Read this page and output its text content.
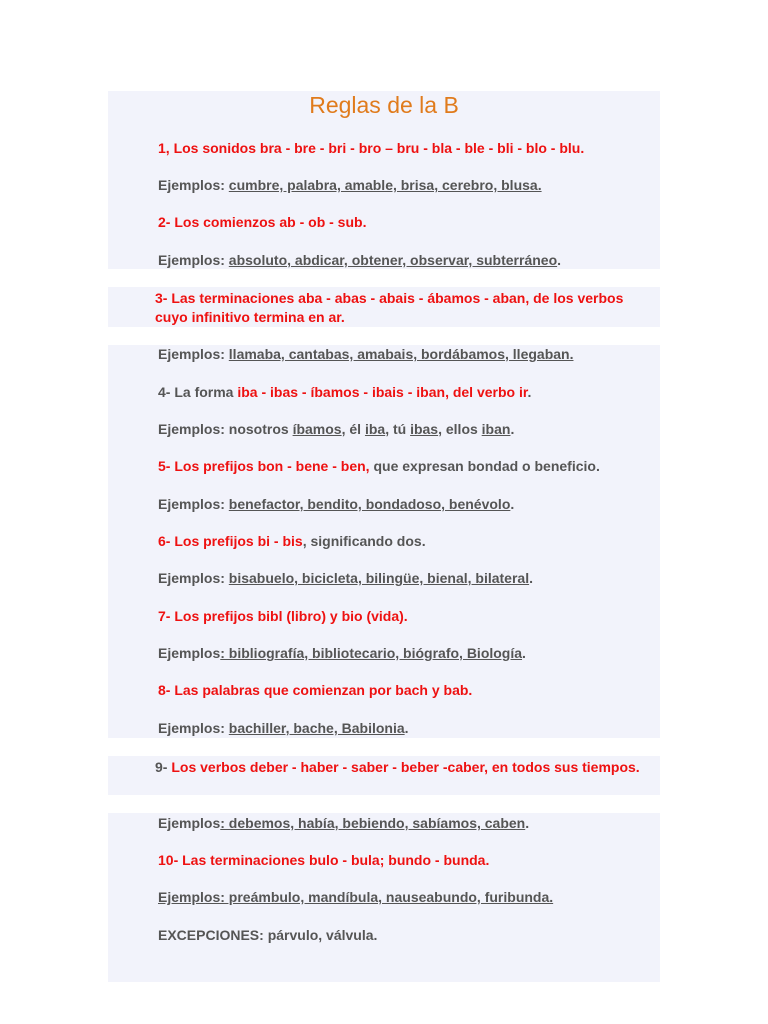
Reglas de la B
1, Los sonidos bra - bre - bri - bro – bru - bla - ble - bli - blo - blu.
Ejemplos: cumbre, palabra, amable, brisa, cerebro, blusa.
2- Los comienzos ab - ob - sub.
Ejemplos: absoluto, abdicar, obtener, observar, subterráneo.
3- Las terminaciones aba - abas - abais - ábamos - aban, de los verbos cuyo infinitivo termina en ar.
Ejemplos: llamaba, cantabas, amabais, bordábamos, llegaban.
4- La forma iba - ibas - íbamos - ibais - iban, del verbo ir.
Ejemplos: nosotros íbamos, él iba, tú ibas, ellos iban.
5- Los prefijos bon - bene - ben, que expresan bondad o beneficio.
Ejemplos: benefactor, bendito, bondadoso, benévolo.
6- Los prefijos bi - bis, significando dos.
Ejemplos: bisabuelo, bicicleta, bilingüe, bienal, bilateral.
7- Los prefijos bibl (libro) y bio (vida).
Ejemplos: bibliografía, bibliotecario, biógrafo, Biología.
8- Las palabras que comienzan por bach y bab.
Ejemplos: bachiller, bache, Babilonia.
9- Los verbos deber - haber - saber - beber -caber, en todos sus tiempos.
Ejemplos: debemos, había, bebiendo, sabíamos, caben.
10- Las terminaciones bulo - bula; bundo - bunda.
Ejemplos: preámbulo, mandíbula, nauseabundo, furibunda.
EXCEPCIONES: párvulo, válvula.
